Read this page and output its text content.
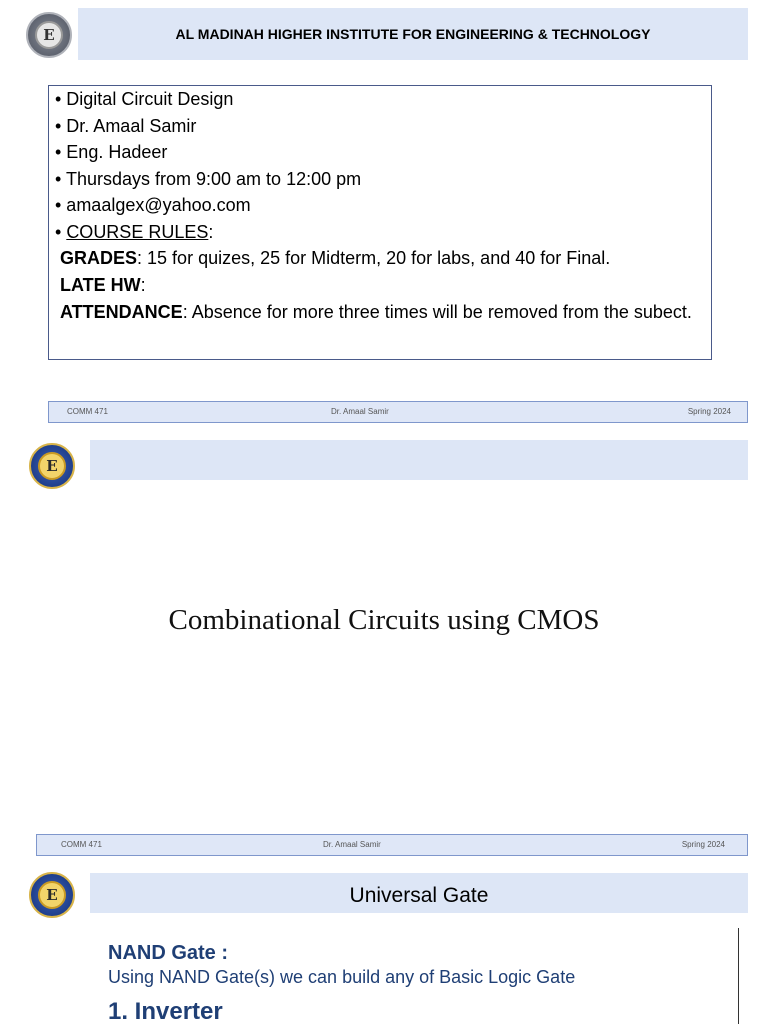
E	AL MADINAH HIGHER INSTITUTE FOR ENGINEERING & TECHNOLOGY
• Digital Circuit Design
• Dr. Amaal Samir
• Eng. Hadeer
• Thursdays from 9:00 am to 12:00 pm
• amaalgex@yahoo.com
• COURSE RULES:
GRADES: 15 for quizes, 25 for Midterm, 20 for labs, and 40 for Final.
LATE HW:
ATTENDANCE: Absence for more three times will be removed from the subect.
COMM 471	Dr. Amaal Samir	Spring 2024
E
Combinational Circuits using CMOS
COMM 471	Dr. Amaal Samir	Spring 2024
E	Universal Gate
NAND Gate :
Using NAND Gate(s) we can build any of Basic Logic Gate
1. Inverter
